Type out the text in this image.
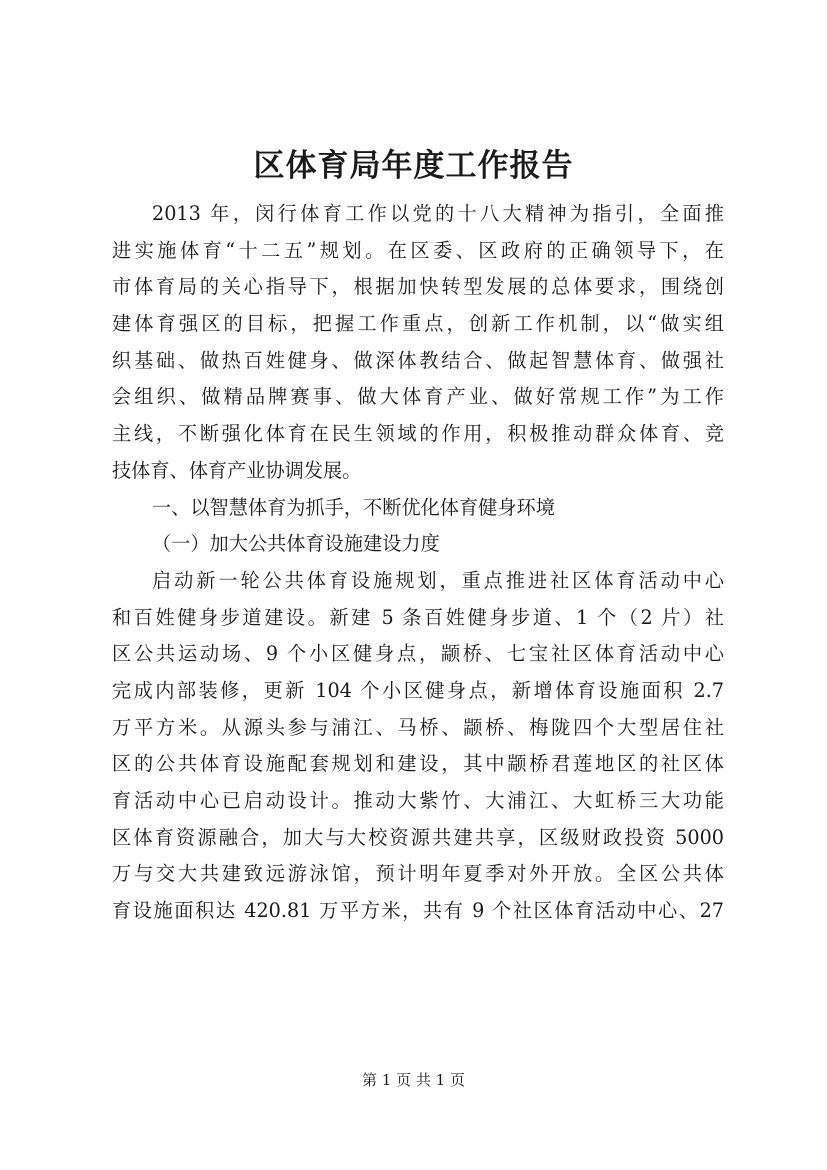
区体育局年度工作报告
2013 年，闵行体育工作以党的十八大精神为指引，全面推
进实施体育“十二五”规划。在区委、区政府的正确领导下，在
市体育局的关心指导下，根据加快转型发展的总体要求，围绕创
建体育强区的目标，把握工作重点，创新工作机制，以“做实组
织基础、做热百姓健身、做深体教结合、做起智慧体育、做强社
会组织、做精品牌赛事、做大体育产业、做好常规工作”为工作
主线，不断强化体育在民生领域的作用，积极推动群众体育、竞
技体育、体育产业协调发展。
一、以智慧体育为抓手，不断优化体育健身环境
（一）加大公共体育设施建设力度
启动新一轮公共体育设施规划，重点推进社区体育活动中心
和百姓健身步道建设。新建 5 条百姓健身步道、1 个（2 片）社
区公共运动场、9 个小区健身点，颛桥、七宝社区体育活动中心
完成内部装修，更新 104 个小区健身点，新增体育设施面积 2.7
万平方米。从源头参与浦江、马桥、颛桥、梅陇四个大型居住社
区的公共体育设施配套规划和建设，其中颛桥君莲地区的社区体
育活动中心已启动设计。推动大紫竹、大浦江、大虹桥三大功能
区体育资源融合，加大与大校资源共建共享，区级财政投资 5000
万与交大共建致远游泳馆，预计明年夏季对外开放。全区公共体
育设施面积达 420.81 万平方米，共有 9 个社区体育活动中心、27
第 1 页 共 1 页
